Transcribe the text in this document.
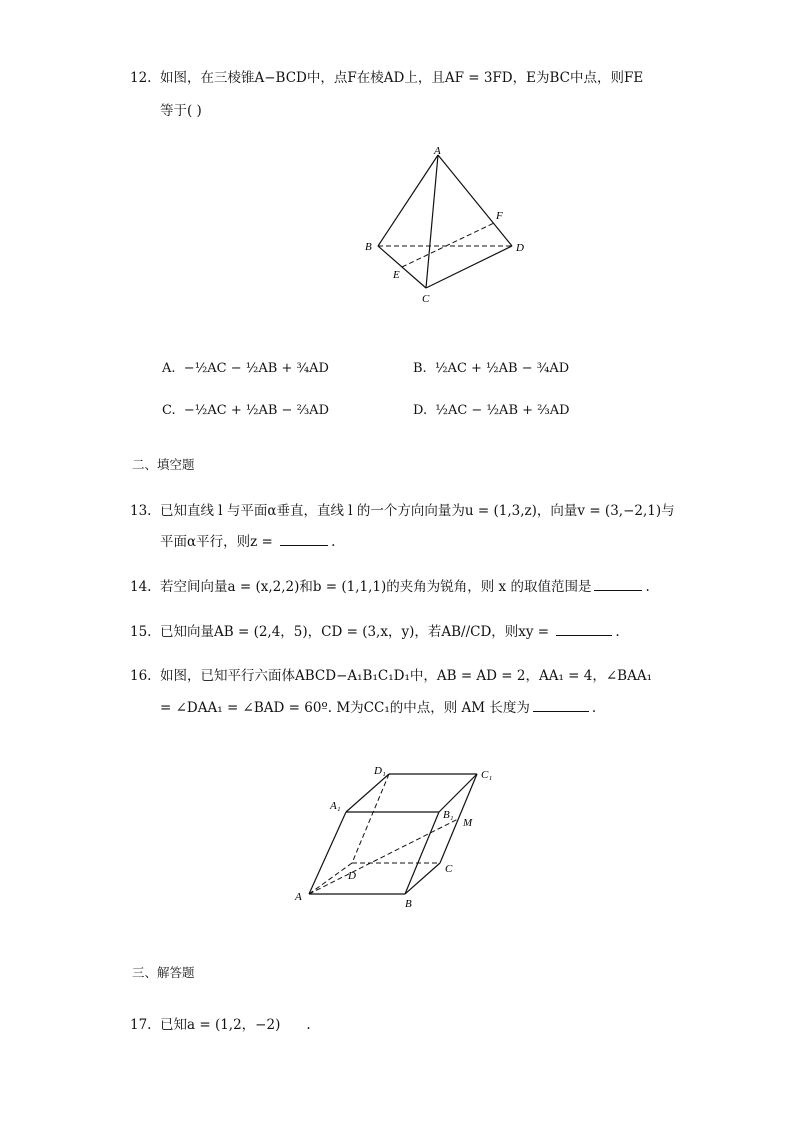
12. 如图，在三棱锥A−BCD中，点F在棱AD上，且AF = 3FD，E为BC中点，则FE
等于( )
A
B
C
D
E
F
A. −½AC − ½AB + ¾AD	B. ½AC + ½AB − ¾AD
C. −½AC + ½AB − ⅔AD	D. ½AC − ½AB + ⅔AD
二、填空题
13. 已知直线 l 与平面α垂直，直线 l 的一个方向向量为u = (1,3,z)，向量v = (3,−2,1)与
平面α平行，则z =	.
14. 若空间向量a = (x,2,2)和b = (1,1,1)的夹角为锐角，则 x 的取值范围是	.
15. 已知向量AB = (2,4，5)，CD = (3,x，y)，若AB//CD，则xy =	.
16. 如图，已知平行六面体ABCD−A₁B₁C₁D₁中，AB = AD = 2，AA₁ = 4，∠BAA₁
= ∠DAA₁ = ∠BAD = 60º. M为CC₁的中点，则 AM 长度为	.
A
B
C
D
A₁
B₁
C₁
D₁
M
三、解答题
17. 已知a = (1,2，−2) .
